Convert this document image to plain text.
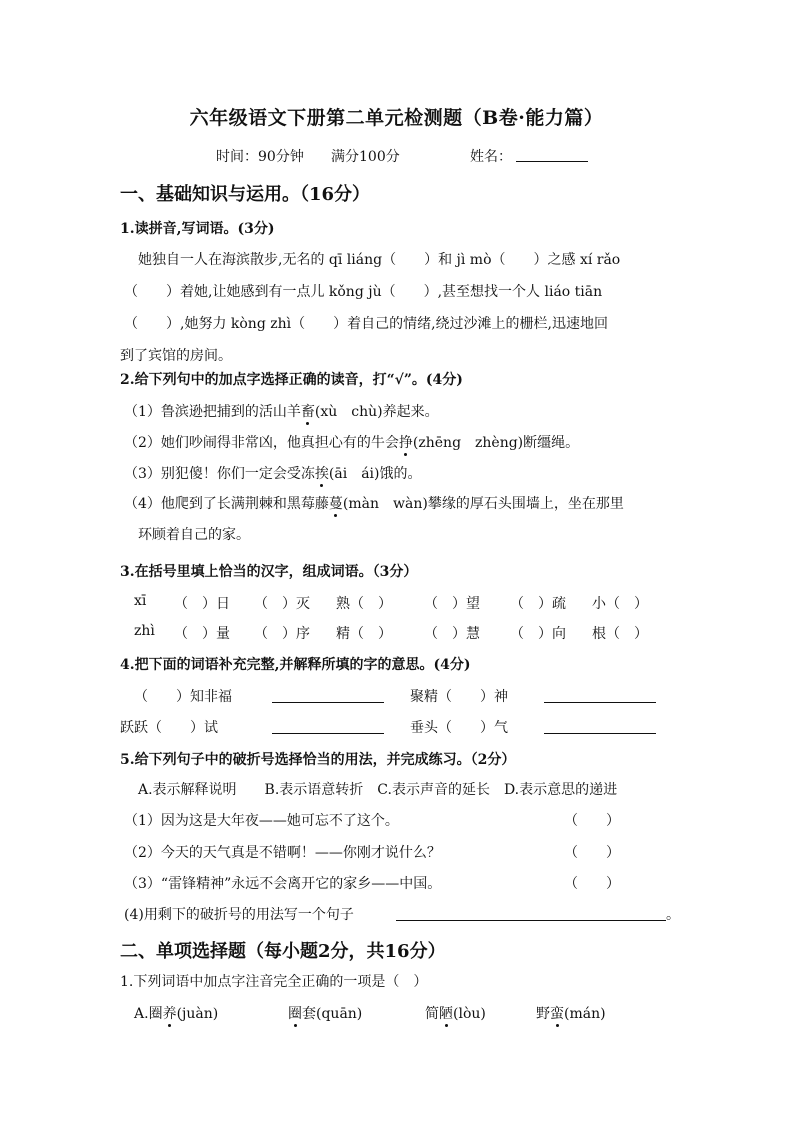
六年级语文下册第二单元检测题（B卷·能力篇）
时间：90分钟 满分100分	姓名：
一、基础知识与运用。（16分）
1.读拼音,写词语。(3分)
她独自一人在海滨散步,无名的 qī liáng（　　）和 jì mò（　　）之感 xí rǎo
（　　）着她,让她感到有一点儿 kǒng jù（　　）,甚至想找一个人 liáo tiān
（　　）,她努力 kòng zhì（　　）着自己的情绪,绕过沙滩上的栅栏,迅速地回
到了宾馆的房间。
2.给下列句中的加点字选择正确的读音，打“√”。(4分)
（1）鲁滨逊把捕到的活山羊畜(xù　chù)养起来。
（2）她们吵闹得非常凶，他真担心有的牛会挣(zhēng　zhèng)断缰绳。
（3）别犯傻！你们一定会受冻挨(āi　ái)饿的。
（4）他爬到了长满荆棘和黑莓藤蔓(màn　wàn)攀缘的厚石头围墙上，坐在那里
环顾着自己的家。
3.在括号里填上恰当的汉字，组成词语。（3分）
xī （　）日 （　）灭 熟（　） （　）望 （　）疏 小（　）
zhì （　）量 （　）序 精（　） （　）慧 （　）向 根（　）
4.把下面的词语补充完整,并解释所填的字的意思。(4分)
（　　）知非福	聚精（　　）神
跃跃（　　）试	垂头（　　）气
5.给下列句子中的破折号选择恰当的用法，并完成练习。（2分）
A.表示解释说明　　B.表示语意转折　C.表示声音的延长　D.表示意思的递进
（1）因为这是大年夜——她可忘不了这个。	（　　）
（2）今天的天气真是不错啊！——你刚才说什么？	（　　）
（3）“雷锋精神”永远不会离开它的家乡——中国。	（　　）
(4)用剩下的破折号的用法写一个句子	。
二、单项选择题（每小题2分，共16分）
1.下列词语中加点字注音完全正确的一项是（　）
A.圈养(juàn)	圈套(quān)	简陋(lòu)	野蛮(mán)
